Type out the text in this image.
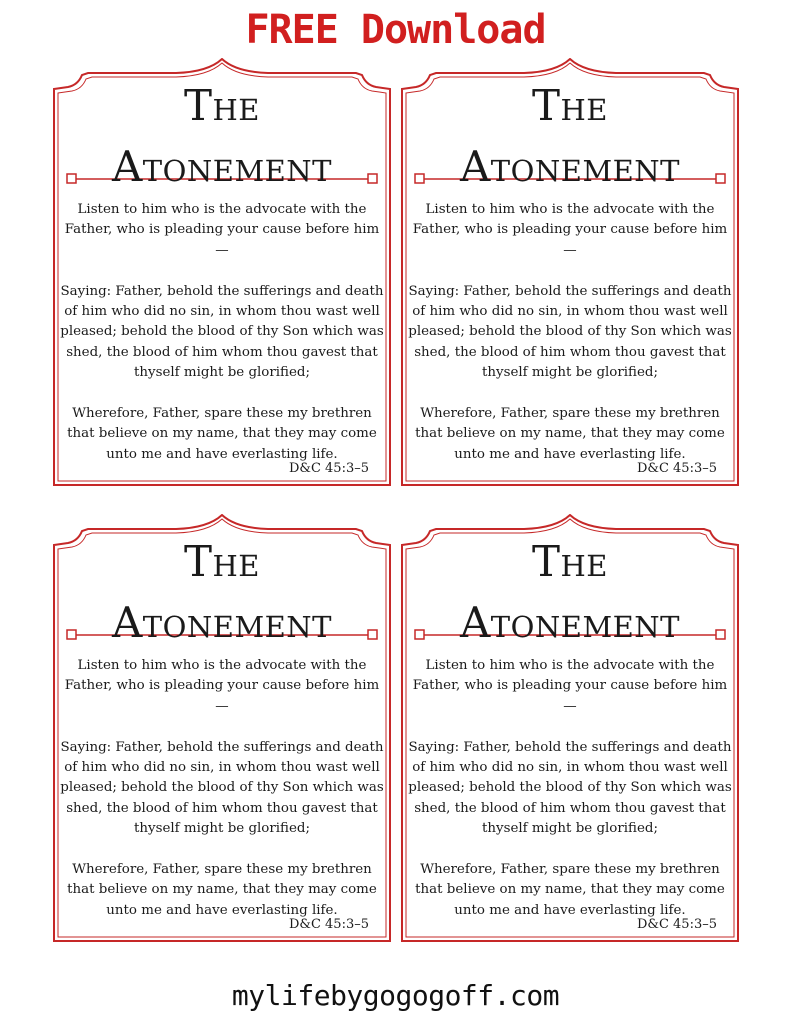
FREE Download
The
Atonement

Listen to him who is the advocate with the Father, who is pleading your cause before him—

Saying: Father, behold the sufferings and death of him who did no sin, in whom thou wast well pleased; behold the blood of thy Son which was shed, the blood of him whom thou gavest that thyself might be glorified;

Wherefore, Father, spare these my brethren that believe on my name, that they may come unto me and have everlasting life.

D&C 45:3–5
The
Atonement

Listen to him who is the advocate with the Father, who is pleading your cause before him—

Saying: Father, behold the sufferings and death of him who did no sin, in whom thou wast well pleased; behold the blood of thy Son which was shed, the blood of him whom thou gavest that thyself might be glorified;

Wherefore, Father, spare these my brethren that believe on my name, that they may come unto me and have everlasting life.

D&C 45:3–5
The
Atonement

Listen to him who is the advocate with the Father, who is pleading your cause before him—

Saying: Father, behold the sufferings and death of him who did no sin, in whom thou wast well pleased; behold the blood of thy Son which was shed, the blood of him whom thou gavest that thyself might be glorified;

Wherefore, Father, spare these my brethren that believe on my name, that they may come unto me and have everlasting life.

D&C 45:3–5
The
Atonement

Listen to him who is the advocate with the Father, who is pleading your cause before him—

Saying: Father, behold the sufferings and death of him who did no sin, in whom thou wast well pleased; behold the blood of thy Son which was shed, the blood of him whom thou gavest that thyself might be glorified;

Wherefore, Father, spare these my brethren that believe on my name, that they may come unto me and have everlasting life.

D&C 45:3–5
mylifebygogogoff.com
